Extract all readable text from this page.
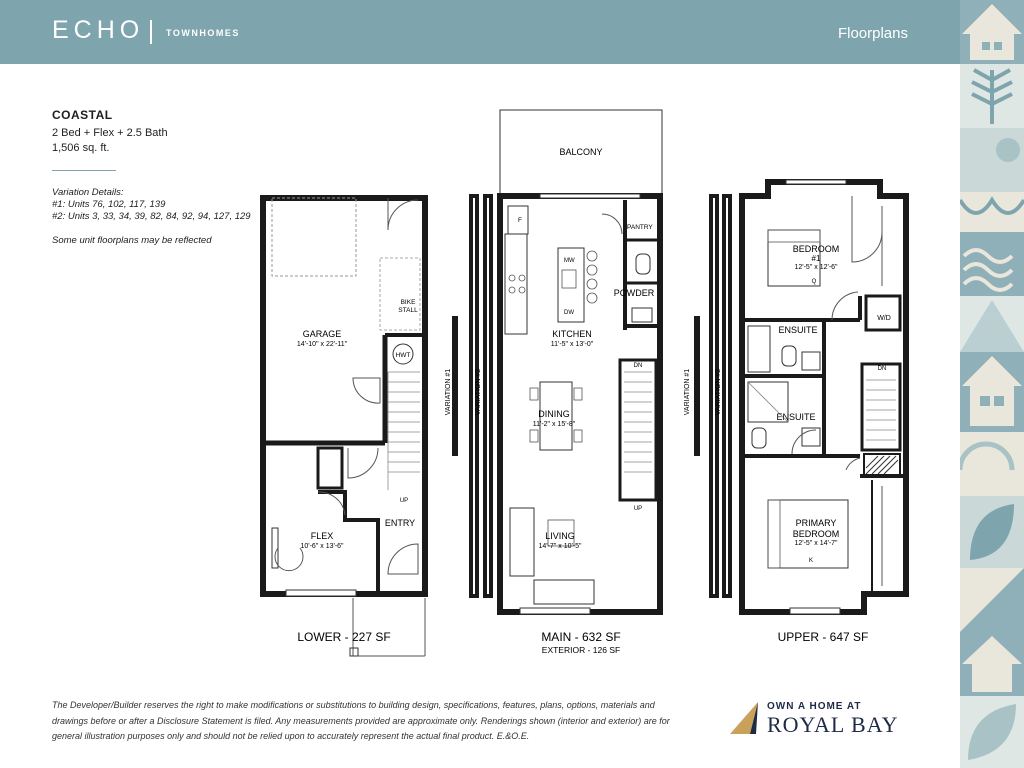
ECHO TOWNHOMES	Floorplans
COASTAL
2 Bed + Flex + 2.5 Bath
1,506 sq. ft.
Variation Details:
#1: Units 76, 102, 117, 139
#2: Units 3, 33, 34, 39, 82, 84, 92, 94, 127, 129
Some unit floorplans may be reflected
GARAGE
14'-10" x 22'-11"
BIKE
STALL
HWT
UP
ENTRY
FLEX
10'-6" x 13'-6"
LOWER - 227 SF
BALCONY
F
MW
DW
PANTRY
POWDER
KITCHEN
11'-5" x 13'-0"
DN
DINING
11'-2" x 15'-8"
UP
LIVING
14'-7" x 10'-5"
VARIATION #1	VARIATION #2
MAIN - 632 SF
EXTERIOR - 126 SF
BEDROOM
#1
12'-5" x 12'-6"
Q
W/D
ENSUITE
DN
ENSUITE
PRIMARY
BEDROOM
12'-5" x 14'-7"
K
VARIATION #1	VARIATION #2
UPPER - 647 SF
The Developer/Builder reserves the right to make modifications or substitutions to building design, specifications, features, plans, options, materials and drawings before or after a Disclosure Statement is filed. Any measurements provided are approximate only. Renderings shown (interior and exterior) are for general illustration purposes only and should not be relied upon to accurately represent the actual final product. E.&O.E.
OWN A HOME AT
ROYAL BAY
